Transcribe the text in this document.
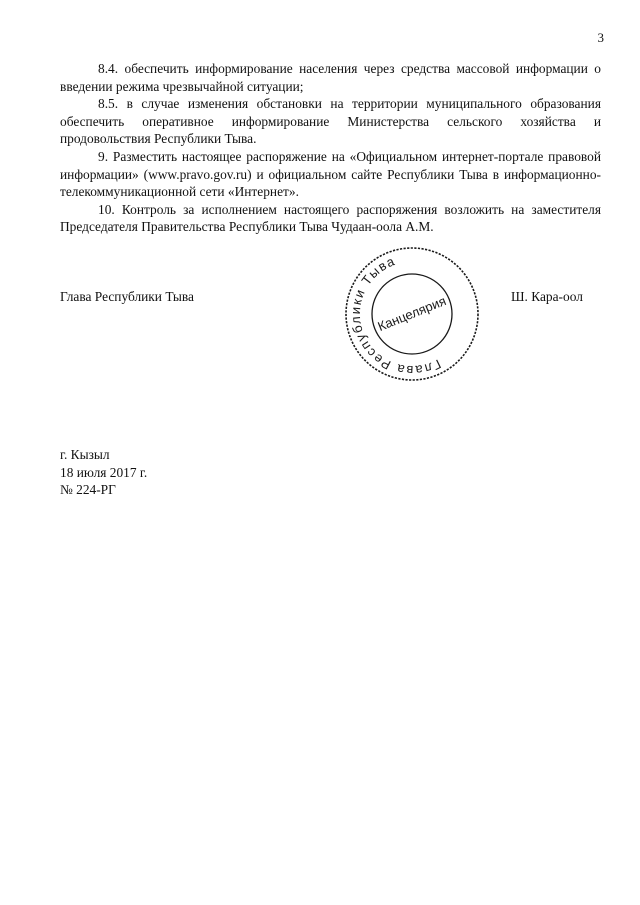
3

8.4. обеспечить информирование населения через средства массовой информации о введении режима чрезвычайной ситуации;

8.5. в случае изменения обстановки на территории муниципального образования обеспечить оперативное информирование Министерства сельского хозяйства и продовольствия Республики Тыва.

9. Разместить настоящее распоряжение на «Официальном интернет-портале правовой информации» (www.pravo.gov.ru) и официальном сайте Республики Тыва в информационно-телекоммуникационной сети «Интернет».

10. Контроль за исполнением настоящего распоряжения возложить на заместителя Председателя Правительства Республики Тыва Чудаан-оола А.М.

Глава Республики Тыва
Глава Республики Тыва
Канцелярия	Ш. Кара-оол
г. Кызыл
18 июля 2017 г.
№ 224-РГ
